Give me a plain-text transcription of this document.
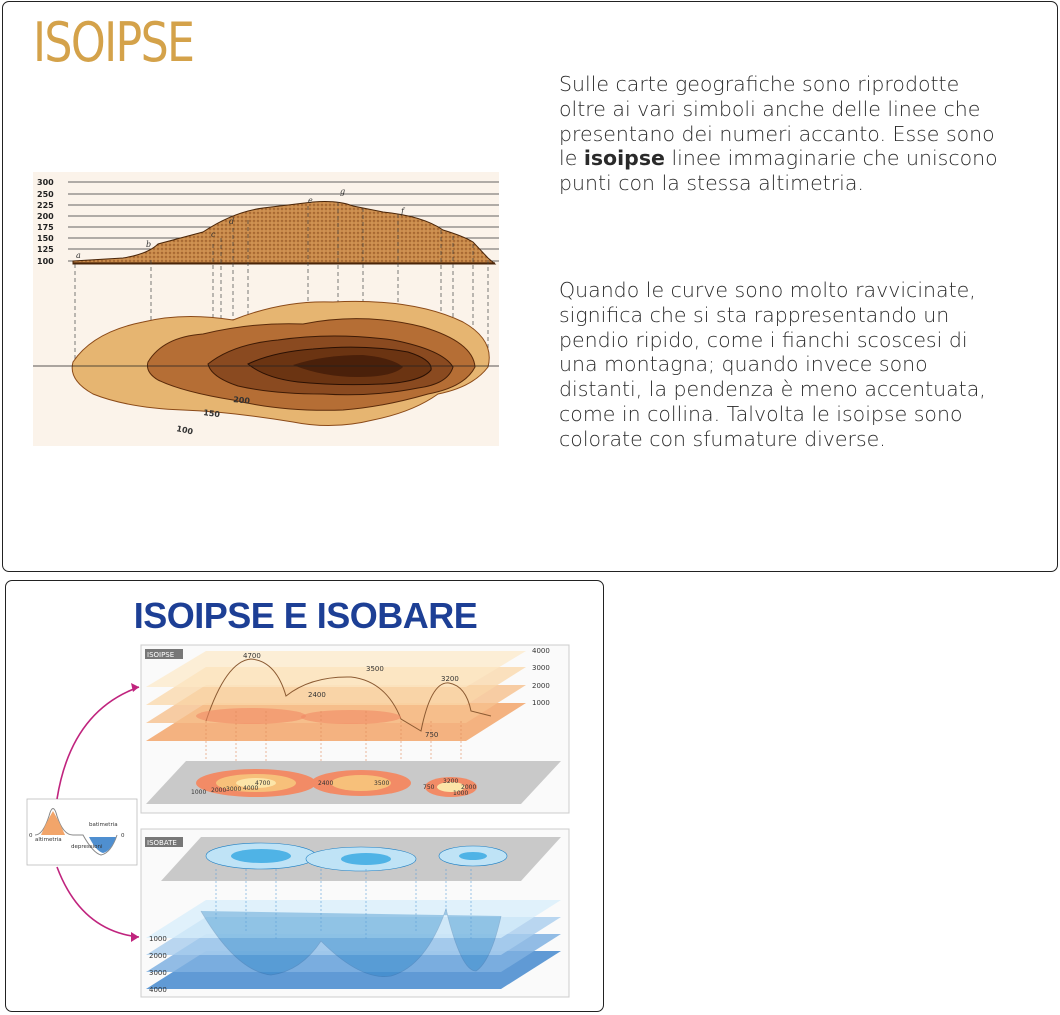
ISOIPSE

Sulle carte geografiche sono riprodotte oltre ai vari simboli anche delle linee che presentano dei numeri accanto. Esse sono le isoipse linee immaginarie che uniscono punti con la stessa altimetria.

Quando le curve sono molto ravvicinate, significa che si sta rappresentando un pendio ripido, come i fianchi scoscesi di una montagna; quando invece sono distanti, la pendenza è meno accentuata, come in collina. Talvolta le isoipse sono colorate con sfumature diverse.

300
250
225
200
175
150
125
100
a
b
c
d
e
f
g
100
150
200
ISOIPSE E ISOBARE
ISOIPSE	4000
3000
2000
1000
4700
3500
3200
2400
750
1000 2000 3000 4000
4700	2400	3500
750
1000
2000
3200
ISOBATE
1000
2000
3000
4000
altimetria
batimetria
depressioni
0	0
